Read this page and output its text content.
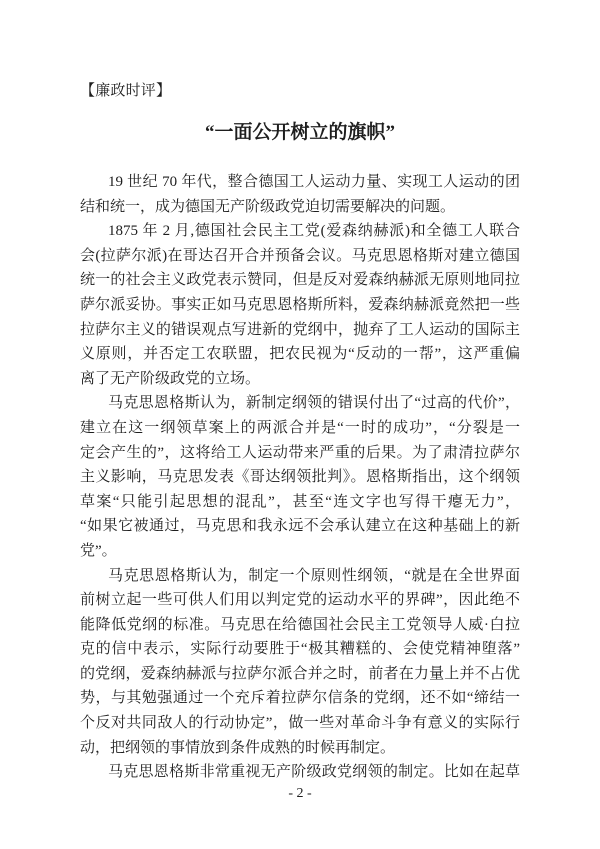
【廉政时评】
“一面公开树立的旗帜”
19 世纪 70 年代，整合德国工人运动力量、实现工人运动的团
结和统一，成为德国无产阶级政党迫切需要解决的问题。
1875 年 2 月,德国社会民主工党(爱森纳赫派)和全德工人联合
会(拉萨尔派)在哥达召开合并预备会议。马克思恩格斯对建立德国
统一的社会主义政党表示赞同，但是反对爱森纳赫派无原则地同拉
萨尔派妥协。事实正如马克思恩格斯所料，爱森纳赫派竟然把一些
拉萨尔主义的错误观点写进新的党纲中，抛弃了工人运动的国际主
义原则，并否定工农联盟，把农民视为“反动的一帮”，这严重偏
离了无产阶级政党的立场。
马克思恩格斯认为，新制定纲领的错误付出了“过高的代价”，
建立在这一纲领草案上的两派合并是“一时的成功”，“分裂是一
定会产生的”，这将给工人运动带来严重的后果。为了肃清拉萨尔
主义影响，马克思发表《哥达纲领批判》。恩格斯指出，这个纲领
草案“只能引起思想的混乱”，甚至“连文字也写得干瘪无力”，
“如果它被通过，马克思和我永远不会承认建立在这种基础上的新
党”。
马克思恩格斯认为，制定一个原则性纲领，“就是在全世界面
前树立起一些可供人们用以判定党的运动水平的界碑”，因此绝不
能降低党纲的标准。马克思在给德国社会民主工党领导人威·白拉
克的信中表示，实际行动要胜于“极其糟糕的、会使党精神堕落”
的党纲，爱森纳赫派与拉萨尔派合并之时，前者在力量上并不占优
势，与其勉强通过一个充斥着拉萨尔信条的党纲，还不如“缔结一
个反对共同敌人的行动协定”，做一些对革命斗争有意义的实际行
动，把纲领的事情放到条件成熟的时候再制定。
马克思恩格斯非常重视无产阶级政党纲领的制定。比如在起草
- 2 -
